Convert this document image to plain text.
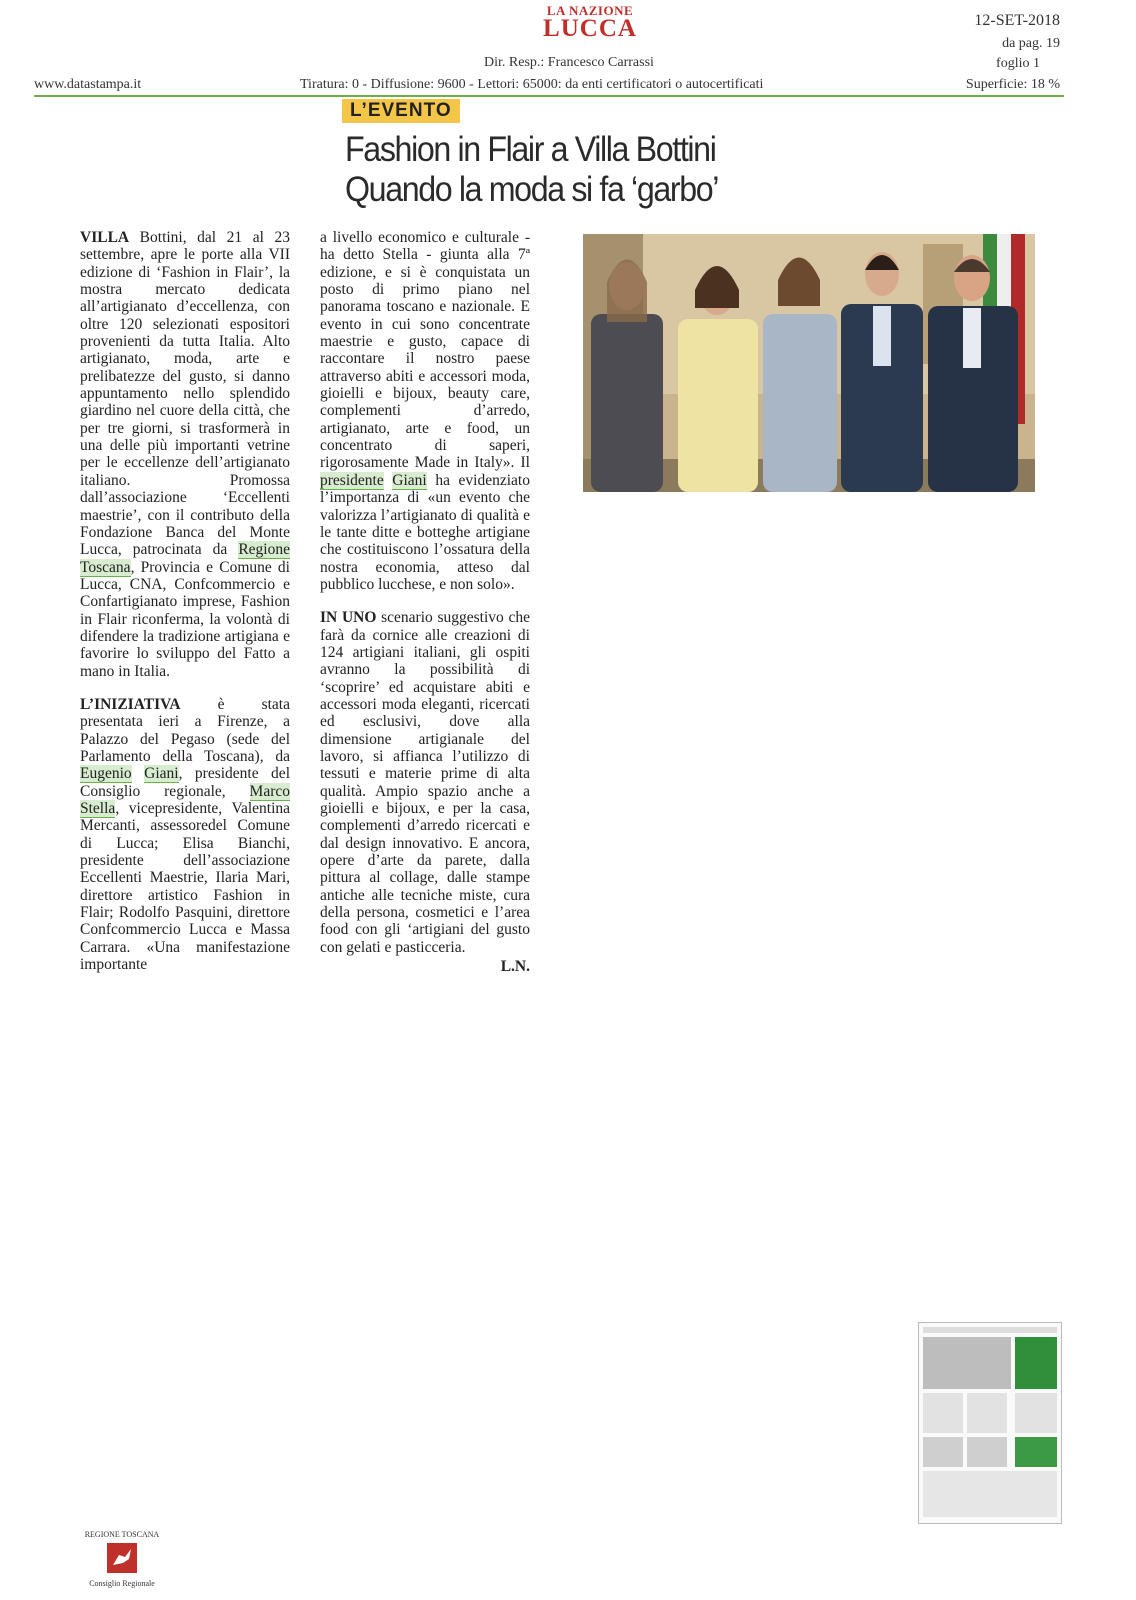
LA NAZIONE
LUCCA	12-SET-2018
da pag. 19
foglio 1
Dir. Resp.: Francesco Carrassi
www.datastampa.it	Tiratura: 0 - Diffusione: 9600 - Lettori: 65000: da enti certificatori o autocertificati	Superficie: 18 %
L’EVENTO
Fashion in Flair a Villa Bottini
Quando la moda si fa ‘garbo’

VILLA Bottini, dal 21 al 23 settembre, apre le porte alla VII edizione di ‘Fashion in Flair’, la mostra mercato dedicata all’artigianato d’eccellenza, con oltre 120 selezionati espositori provenienti da tutta Italia. Alto artigianato, moda, arte e prelibatezze del gusto, si danno appuntamento nello splendido giardino nel cuore della città, che per tre giorni, si trasformerà in una delle più importanti vetrine per le eccellenze dell’artigianato italiano. Promossa dall’associazione ‘Eccellenti maestrie’, con il contributo della Fondazione Banca del Monte Lucca, patrocinata da Regione Toscana, Provincia e Comune di Lucca, CNA, Confcommercio e Confartigianato imprese, Fashion in Flair riconferma, la volontà di difendere la tradizione artigiana e favorire lo sviluppo del Fatto a mano in Italia.

L’INIZIATIVA è stata presentata ieri a Firenze, a Palazzo del Pegaso (sede del Parlamento della Toscana), da Eugenio Giani, presidente del Consiglio regionale, Marco Stella, vicepresidente, Valentina Mercanti, assessoredel Comune di Lucca; Elisa Bianchi, presidente dell’associazione Eccellenti Maestrie, Ilaria Mari, direttore artistico Fashion in Flair; Rodolfo Pasquini, direttore Confcommercio Lucca e Massa Carrara. «Una manifestazione importante

a livello economico e culturale - ha detto Stella - giunta alla 7ª edizione, e si è conquistata un posto di primo piano nel panorama toscano e nazionale. E evento in cui sono concentrate maestrie e gusto, capace di raccontare il nostro paese attraverso abiti e accessori moda, gioielli e bijoux, beauty care, complementi d’arredo, artigianato, arte e food, un concentrato di saperi, rigorosamente Made in Italy». Il presidente Giani ha evidenziato l’importanza di «un evento che valorizza l’artigianato di qualità e le tante ditte e botteghe artigiane che costituiscono l’ossatura della nostra economia, atteso dal pubblico lucchese, e non solo».

IN UNO scenario suggestivo che farà da cornice alle creazioni di 124 artigiani italiani, gli ospiti avranno la possibilità di ‘scoprire’ ed acquistare abiti e accessori moda eleganti, ricercati ed esclusivi, dove alla dimensione artigianale del lavoro, si affianca l’utilizzo di tessuti e materie prime di alta qualità. Ampio spazio anche a gioielli e bijoux, e per la casa, complementi d’arredo ricercati e dal design innovativo. E ancora, opere d’arte da parete, dalla pittura al collage, dalle stampe antiche alle tecniche miste, cura della persona, cosmetici e l’area food con gli ‘artigiani del gusto con gelati e pasticceria.

L.N.
REGIONE TOSCANA
Consiglio Regionale
